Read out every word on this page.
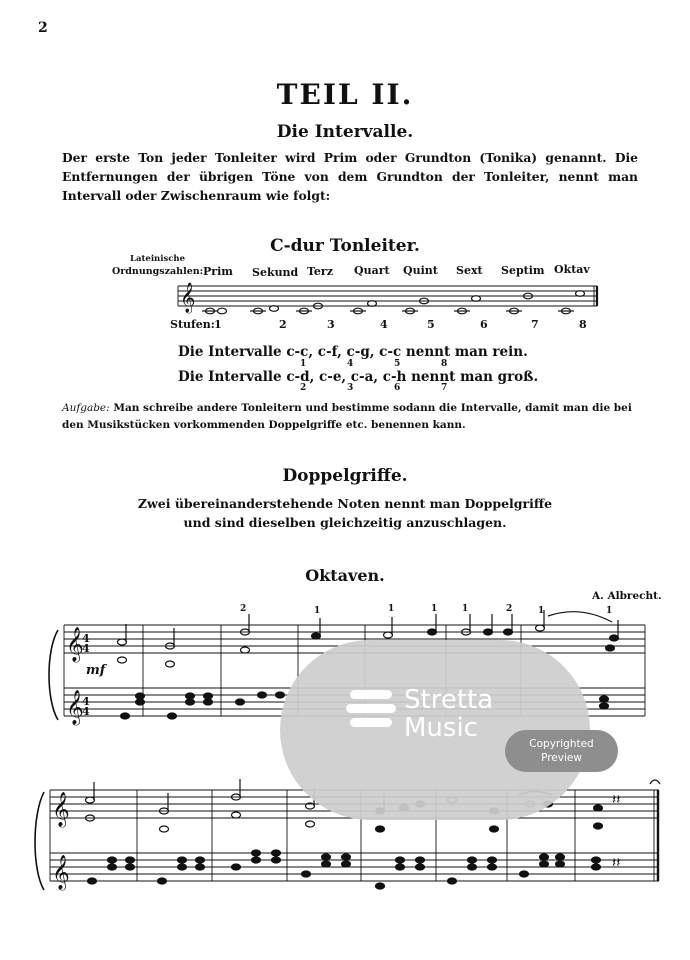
2
TEIL II.
Die Intervalle.
Der erste Ton jeder Tonleiter wird Prim oder Grundton (Tonika) genannt. Die Entfernungen der übrigen Töne von dem Grundton der Tonleiter, nennt man Intervall oder Zwischenraum wie folgt:
C-dur Tonleiter.
Lateinische
Ordnungszahlen: Prim Sekund Terz Quart Quint Sext Septim Oktav
Stufen: 1	2	3	4	5	6	7	8
Die Intervalle c-c, c-f, c-g, c-c nennt man rein.
1	4	5	8
Die Intervalle c-d, c-e, c-a, c-h nennt man groß.
2	3	6	7
Aufgabe: Man schreibe andere Tonleitern und bestimme sodann die Intervalle, damit man die bei den Musikstücken vorkommenden Doppelgriffe etc. benennen kann.
Doppelgriffe.
Zwei übereinanderstehende Noten nennt man Doppelgriffe
und sind dieselben gleichzeitig anzuschlagen.
Oktaven.
A. Albrecht.
mf
2	1	1	1	1	2	1	1
𝄞
𝄞
𝄞
4
4
4
4
𝄞
𝄞	𝄽𝄽
𝄽𝄽
Stretta
Music
Copyrighted
Preview
